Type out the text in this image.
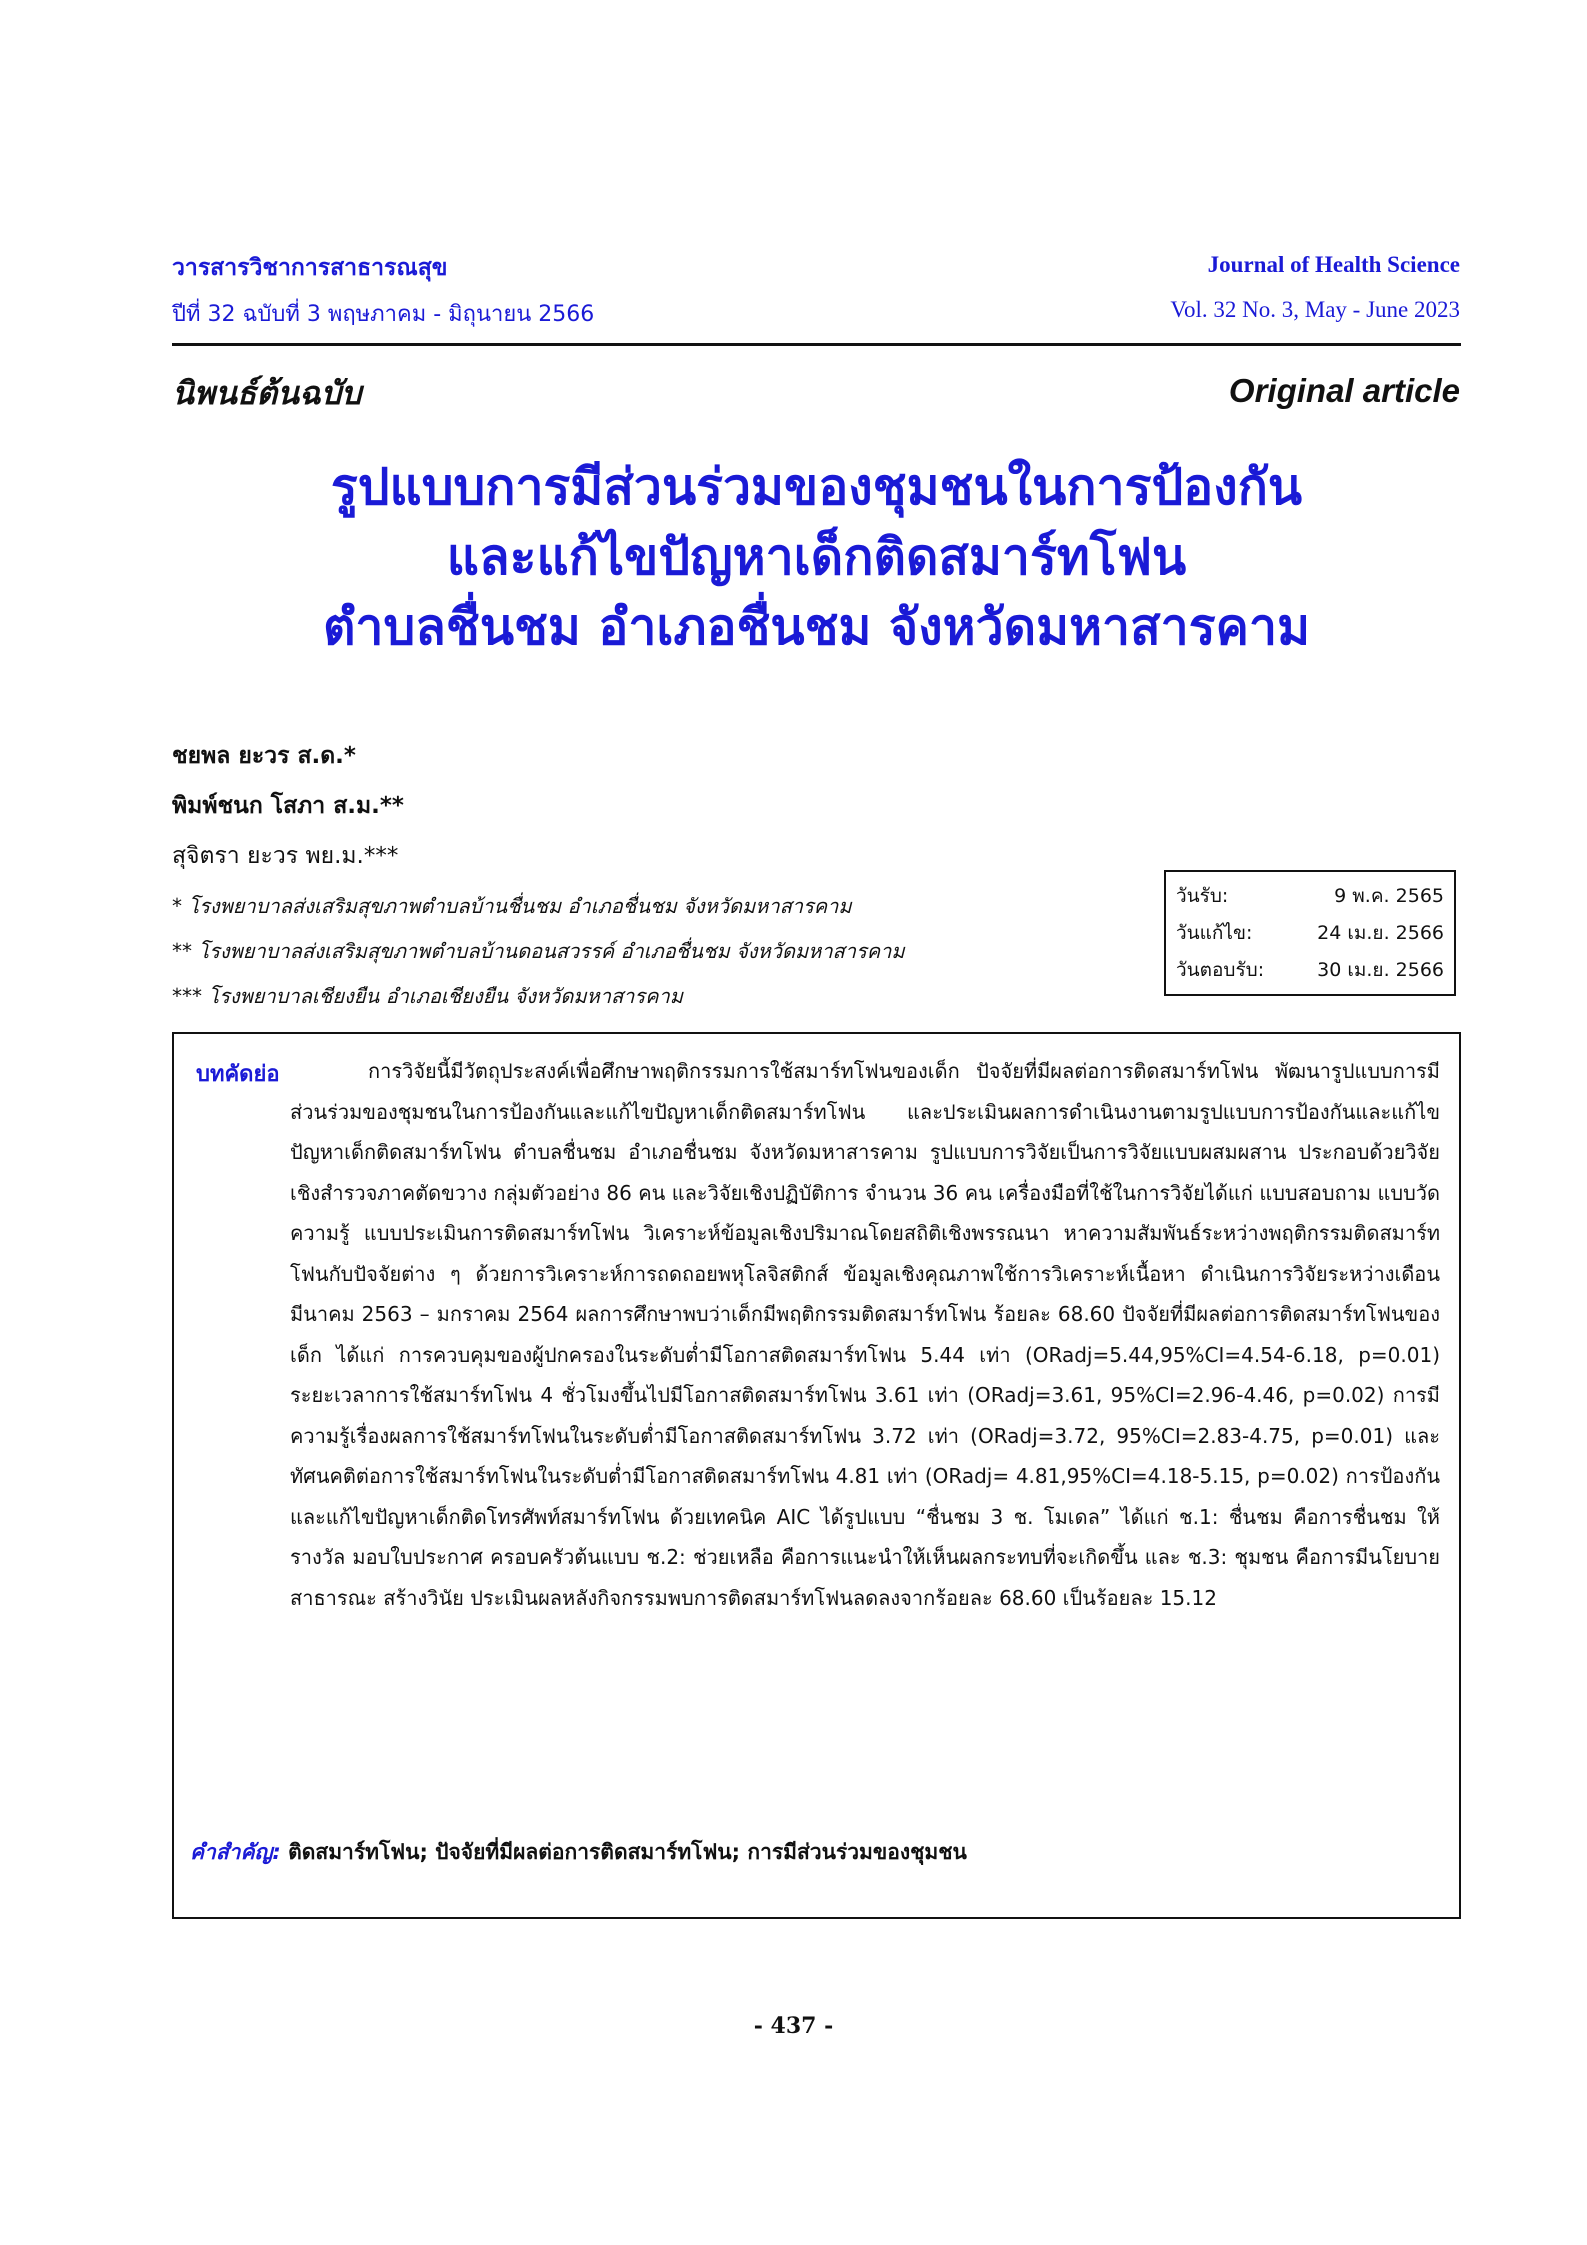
วารสารวิชาการสาธารณสุข
ปีที่ 32 ฉบับที่ 3 พฤษภาคม - มิถุนายน 2566
Journal of Health Science
Vol. 32 No. 3, May - June 2023
นิพนธ์ต้นฉบับ	Original article
รูปแบบการมีส่วนร่วมของชุมชนในการป้องกัน
และแก้ไขปัญหาเด็กติดสมาร์ทโฟน
ตำบลชื่นชม อำเภอชื่นชม จังหวัดมหาสารคาม
ชยพล ยะวร ส.ด.*
พิมพ์ชนก โสภา ส.ม.**
สุจิตรา ยะวร พย.ม.***
* โรงพยาบาลส่งเสริมสุขภาพตำบลบ้านชื่นชม อำเภอชื่นชม จังหวัดมหาสารคาม
** โรงพยาบาลส่งเสริมสุขภาพตำบลบ้านดอนสวรรค์ อำเภอชื่นชม จังหวัดมหาสารคาม
*** โรงพยาบาลเชียงยืน อำเภอเชียงยืน จังหวัดมหาสารคาม
วันรับ:	9 พ.ค. 2565
วันแก้ไข:	24 เม.ย. 2566
วันตอบรับ:	30 เม.ย. 2566
บทคัดย่อ	การวิจัยนี้มีวัตถุประสงค์เพื่อศึกษาพฤติกรรมการใช้สมาร์ทโฟนของเด็ก ปัจจัยที่มีผลต่อการติดสมาร์ทโฟน พัฒนารูปแบบการมีส่วนร่วมของชุมชนในการป้องกันและแก้ไขปัญหาเด็กติดสมาร์ทโฟน และประเมินผลการดำเนินงานตามรูปแบบการป้องกันและแก้ไขปัญหาเด็กติดสมาร์ทโฟน ตำบลชื่นชม อำเภอชื่นชม จังหวัดมหาสารคาม รูปแบบการวิจัยเป็นการวิจัยแบบผสมผสาน ประกอบด้วยวิจัยเชิงสำรวจภาคตัดขวาง กลุ่มตัวอย่าง 86 คน และวิจัยเชิงปฏิบัติการ จำนวน 36 คน เครื่องมือที่ใช้ในการวิจัยได้แก่ แบบสอบถาม แบบวัดความรู้ แบบประเมินการติดสมาร์ทโฟน วิเคราะห์ข้อมูลเชิงปริมาณโดยสถิติเชิงพรรณนา หาความสัมพันธ์ระหว่างพฤติกรรมติดสมาร์ทโฟนกับปัจจัยต่าง ๆ ด้วยการวิเคราะห์การถดถอยพหุโลจิสติกส์ ข้อมูลเชิงคุณภาพใช้การวิเคราะห์เนื้อหา ดำเนินการวิจัยระหว่างเดือนมีนาคม 2563 – มกราคม 2564 ผลการศึกษาพบว่าเด็กมีพฤติกรรมติดสมาร์ทโฟน ร้อยละ 68.60 ปัจจัยที่มีผลต่อการติดสมาร์ทโฟนของเด็ก ได้แก่ การควบคุมของผู้ปกครองในระดับต่ำมีโอกาสติดสมาร์ทโฟน 5.44 เท่า (ORadj=5.44,95%CI=4.54-6.18, p=0.01) ระยะเวลาการใช้สมาร์ทโฟน 4 ชั่วโมงขึ้นไปมีโอกาสติดสมาร์ทโฟน 3.61 เท่า (ORadj=3.61, 95%CI=2.96-4.46, p=0.02) การมีความรู้เรื่องผลการใช้สมาร์ทโฟนในระดับต่ำมีโอกาสติดสมาร์ทโฟน 3.72 เท่า (ORadj=3.72, 95%CI=2.83-4.75, p=0.01) และทัศนคติต่อการใช้สมาร์ทโฟนในระดับต่ำมีโอกาสติดสมาร์ทโฟน 4.81 เท่า (ORadj= 4.81,95%CI=4.18-5.15, p=0.02) การป้องกันและแก้ไขปัญหาเด็กติดโทรศัพท์สมาร์ทโฟน ด้วยเทคนิค AIC ได้รูปแบบ “ชื่นชม 3 ช. โมเดล” ได้แก่ ช.1: ชื่นชม คือการชื่นชม ให้รางวัล มอบใบประกาศ ครอบครัวต้นแบบ ช.2: ช่วยเหลือ คือการแนะนำให้เห็นผลกระทบที่จะเกิดขึ้น และ ช.3: ชุมชน คือการมีนโยบายสาธารณะ สร้างวินัย ประเมินผลหลังกิจกรรมพบการติดสมาร์ทโฟนลดลงจากร้อยละ 68.60 เป็นร้อยละ 15.12
คำสำคัญ: ติดสมาร์ทโฟน; ปัจจัยที่มีผลต่อการติดสมาร์ทโฟน; การมีส่วนร่วมของชุมชน
- 437 -
